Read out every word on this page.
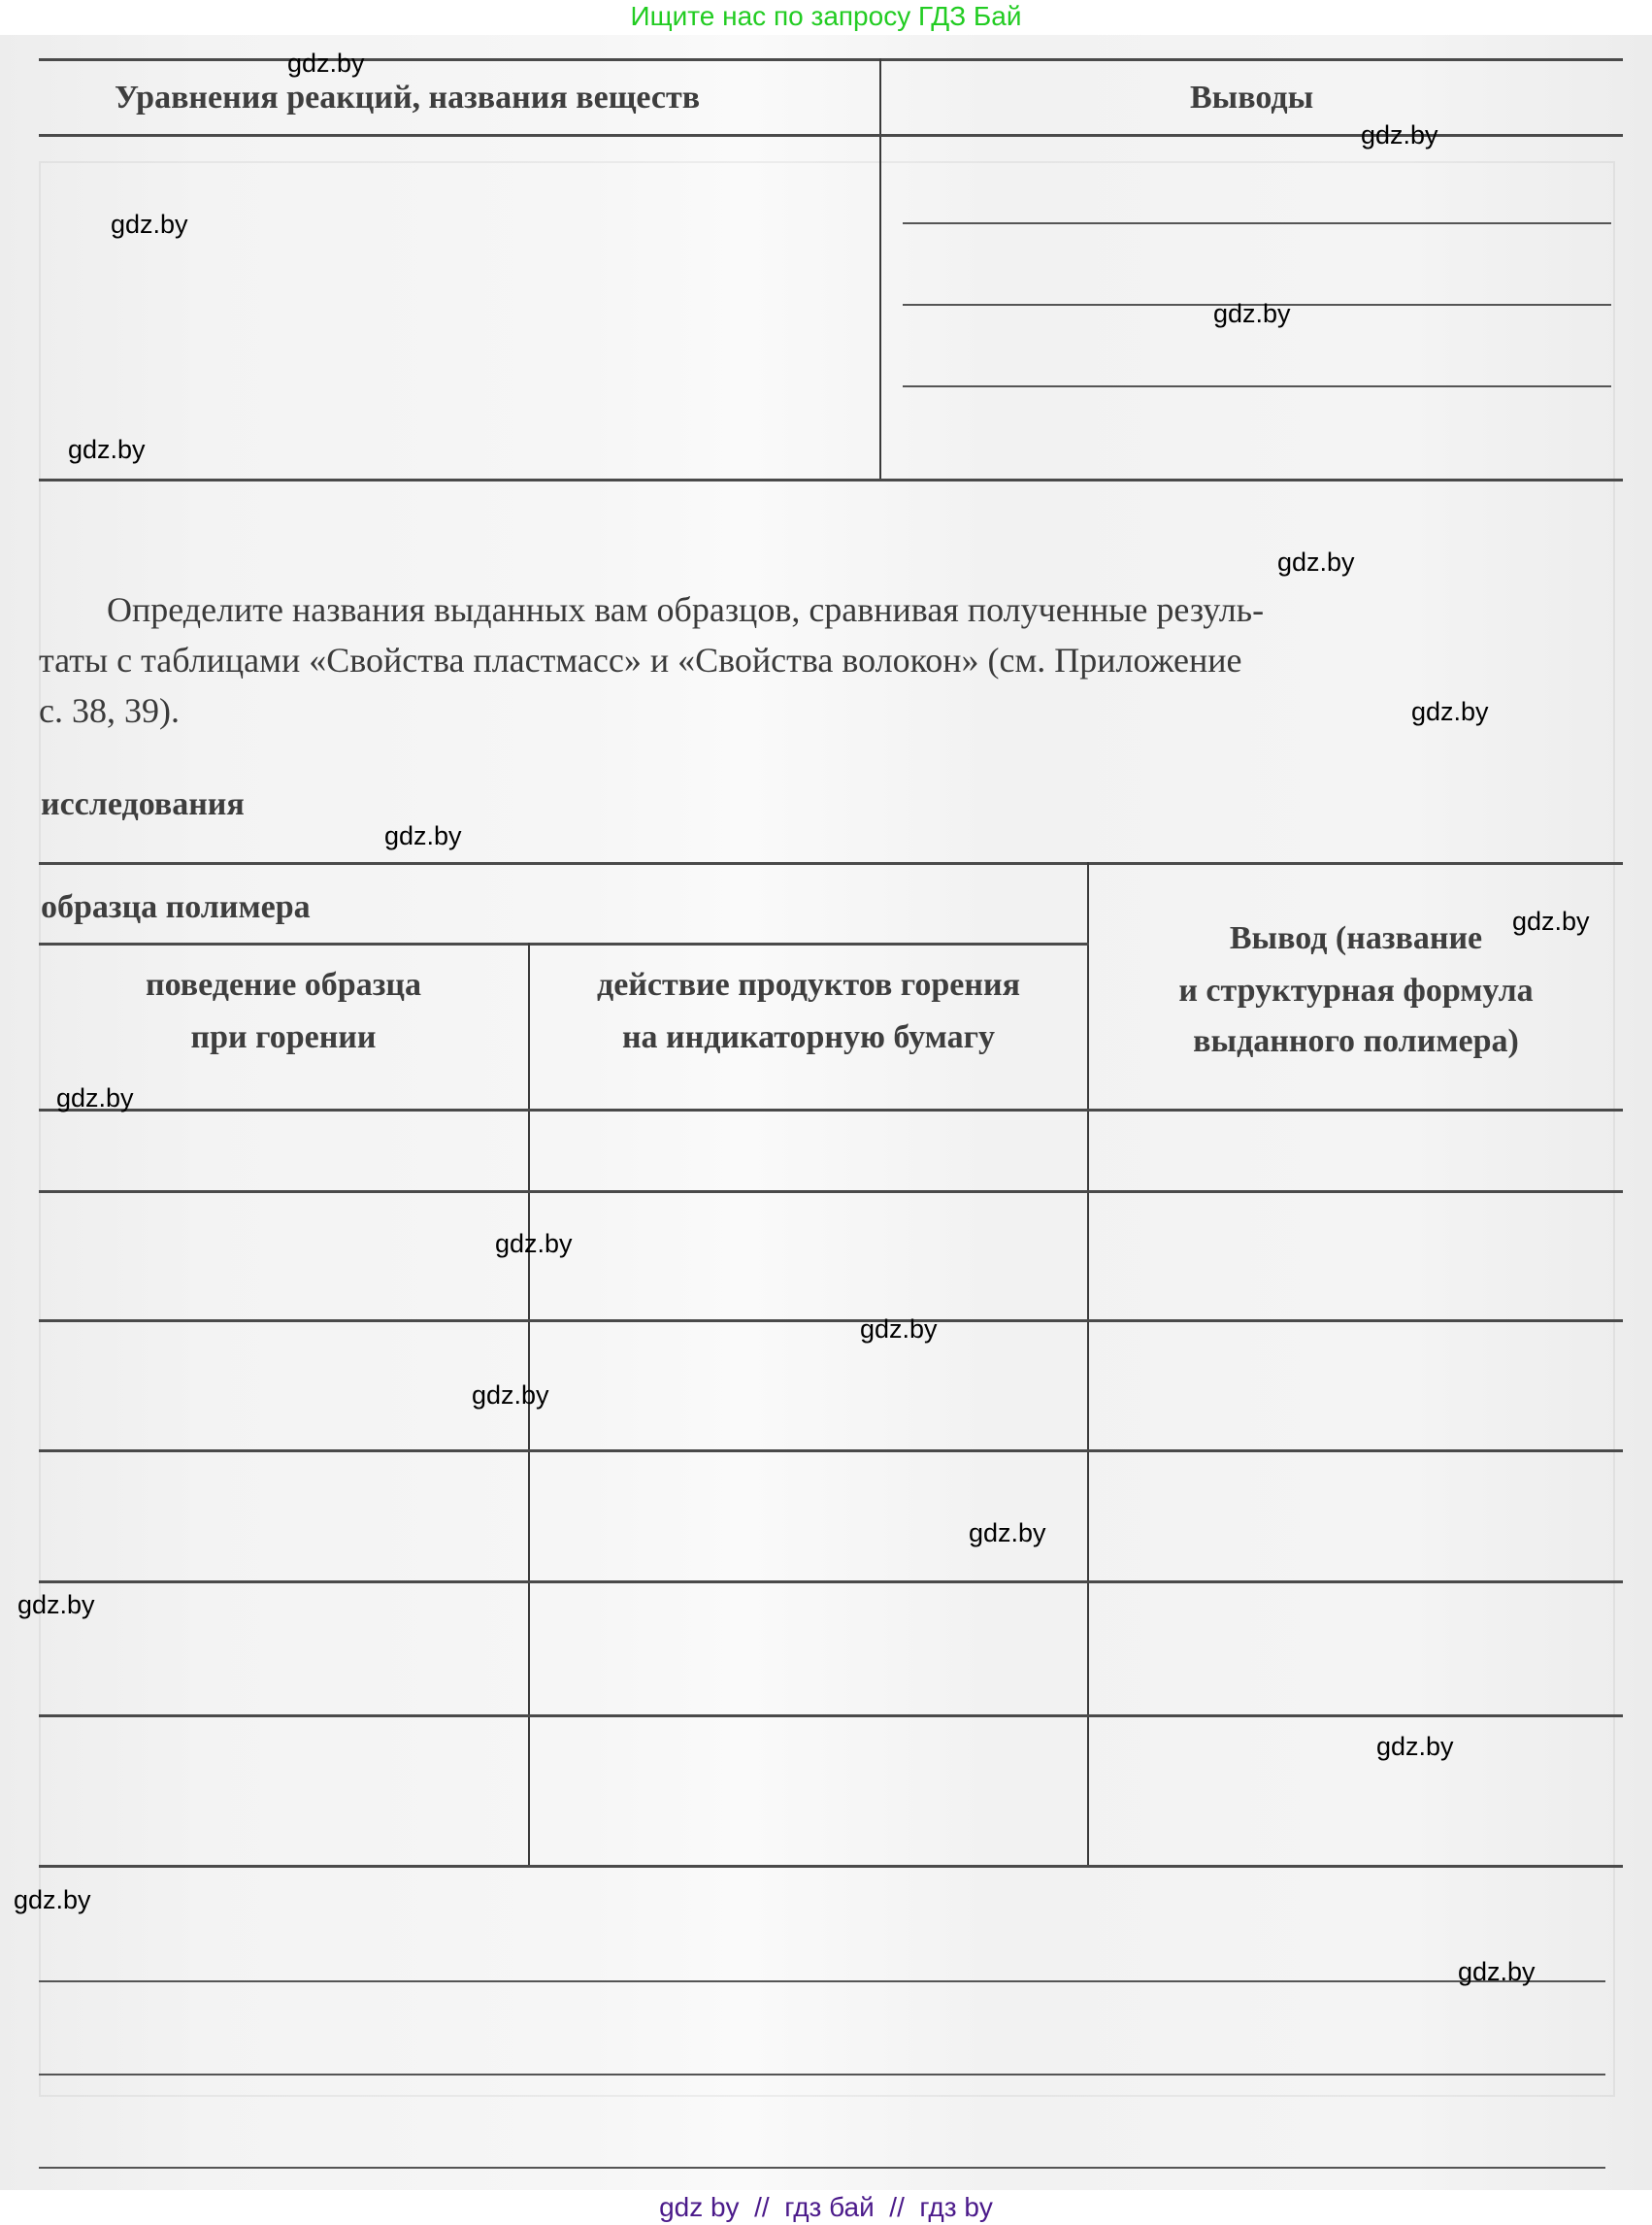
Ищите нас по запросу ГДЗ Бай
Уравнения реакций, названия веществ	Выводы
Определите названия выданных вам образцов, сравнивая полученные резуль-
таты с таблицами «Свойства пластмасс» и «Свойства волокон» (см. Приложение
с. 38, 39).
исследования
образца полимера
поведение образца
при горении
действие продуктов горения
на индикаторную бумагу
Вывод (название
и структурная формула
выданного полимера)
gdz.by
gdz.by
gdz.by
gdz.by
gdz.by
gdz.by
gdz.by
gdz.by
gdz.by
gdz.by
gdz.by
gdz.by
gdz.by
gdz.by
gdz.by
gdz.by
gdz.by
gdz.by
gdz by  //  гдз бай  //  гдз by
